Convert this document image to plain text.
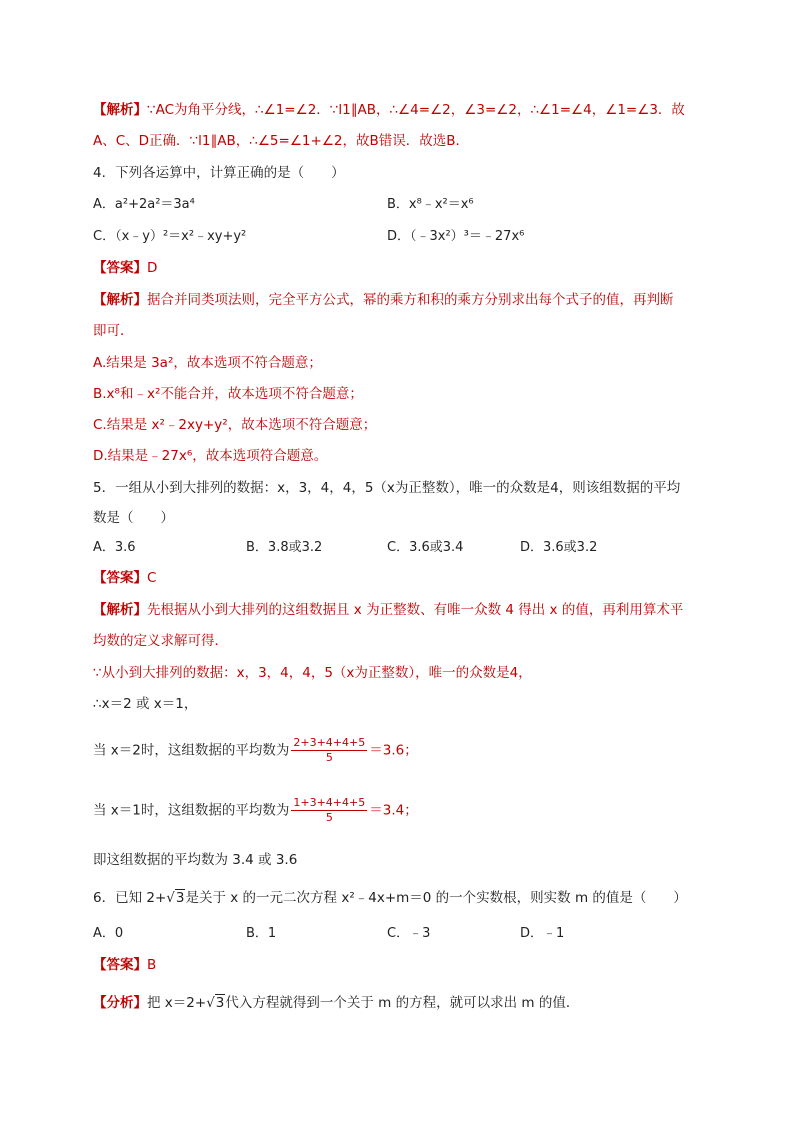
【解析】∵AC为角平分线，∴∠1=∠2．∵l1∥AB，∴∠4=∠2，∠3=∠2，∴∠1=∠4，∠1=∠3．故
A、C、D正确．∵l1∥AB，∴∠5=∠1+∠2，故B错误．故选B．
4．下列各运算中，计算正确的是（　　）
A．a²+2a²＝3a⁴	B．x⁸﹣x²＝x⁶
C．（x﹣y）²＝x²﹣xy+y²	D．（﹣3x²）³＝﹣27x⁶
【答案】D
【解析】据合并同类项法则，完全平方公式，幂的乘方和积的乘方分别求出每个式子的值，再判断
即可．
A.结果是 3a²，故本选项不符合题意；
B.x⁸和﹣x²不能合并，故本选项不符合题意；
C.结果是 x²﹣2xy+y²，故本选项不符合题意；
D.结果是﹣27x⁶，故本选项符合题意。
5．一组从小到大排列的数据：x，3，4，4，5（x为正整数），唯一的众数是4，则该组数据的平均
数是（　　）
A．3.6	B．3.8或3.2	C．3.6或3.4	D．3.6或3.2
【答案】C
【解析】先根据从小到大排列的这组数据且 x 为正整数、有唯一众数 4 得出 x 的值，再利用算术平
均数的定义求解可得．
∵从小到大排列的数据：x，3，4，4，5（x为正整数），唯一的众数是4，
∴x＝2 或 x＝1，
当 x＝2时，这组数据的平均数为 $\frac{2+3+4+4+5}{5} =3.6$；
当 x＝1时，这组数据的平均数为 $\frac{1+3+4+4+5}{5} =3.4$；
即这组数据的平均数为 3.4 或 3.6
6．已知 2+√3是关于 x 的一元二次方程 x²﹣4x+m＝0 的一个实数根，则实数 m 的值是（　　）
A．0	B．1	C．﹣3	D．﹣1
【答案】B
【分析】把 x＝2+√3代入方程就得到一个关于 m 的方程，就可以求出 m 的值．
